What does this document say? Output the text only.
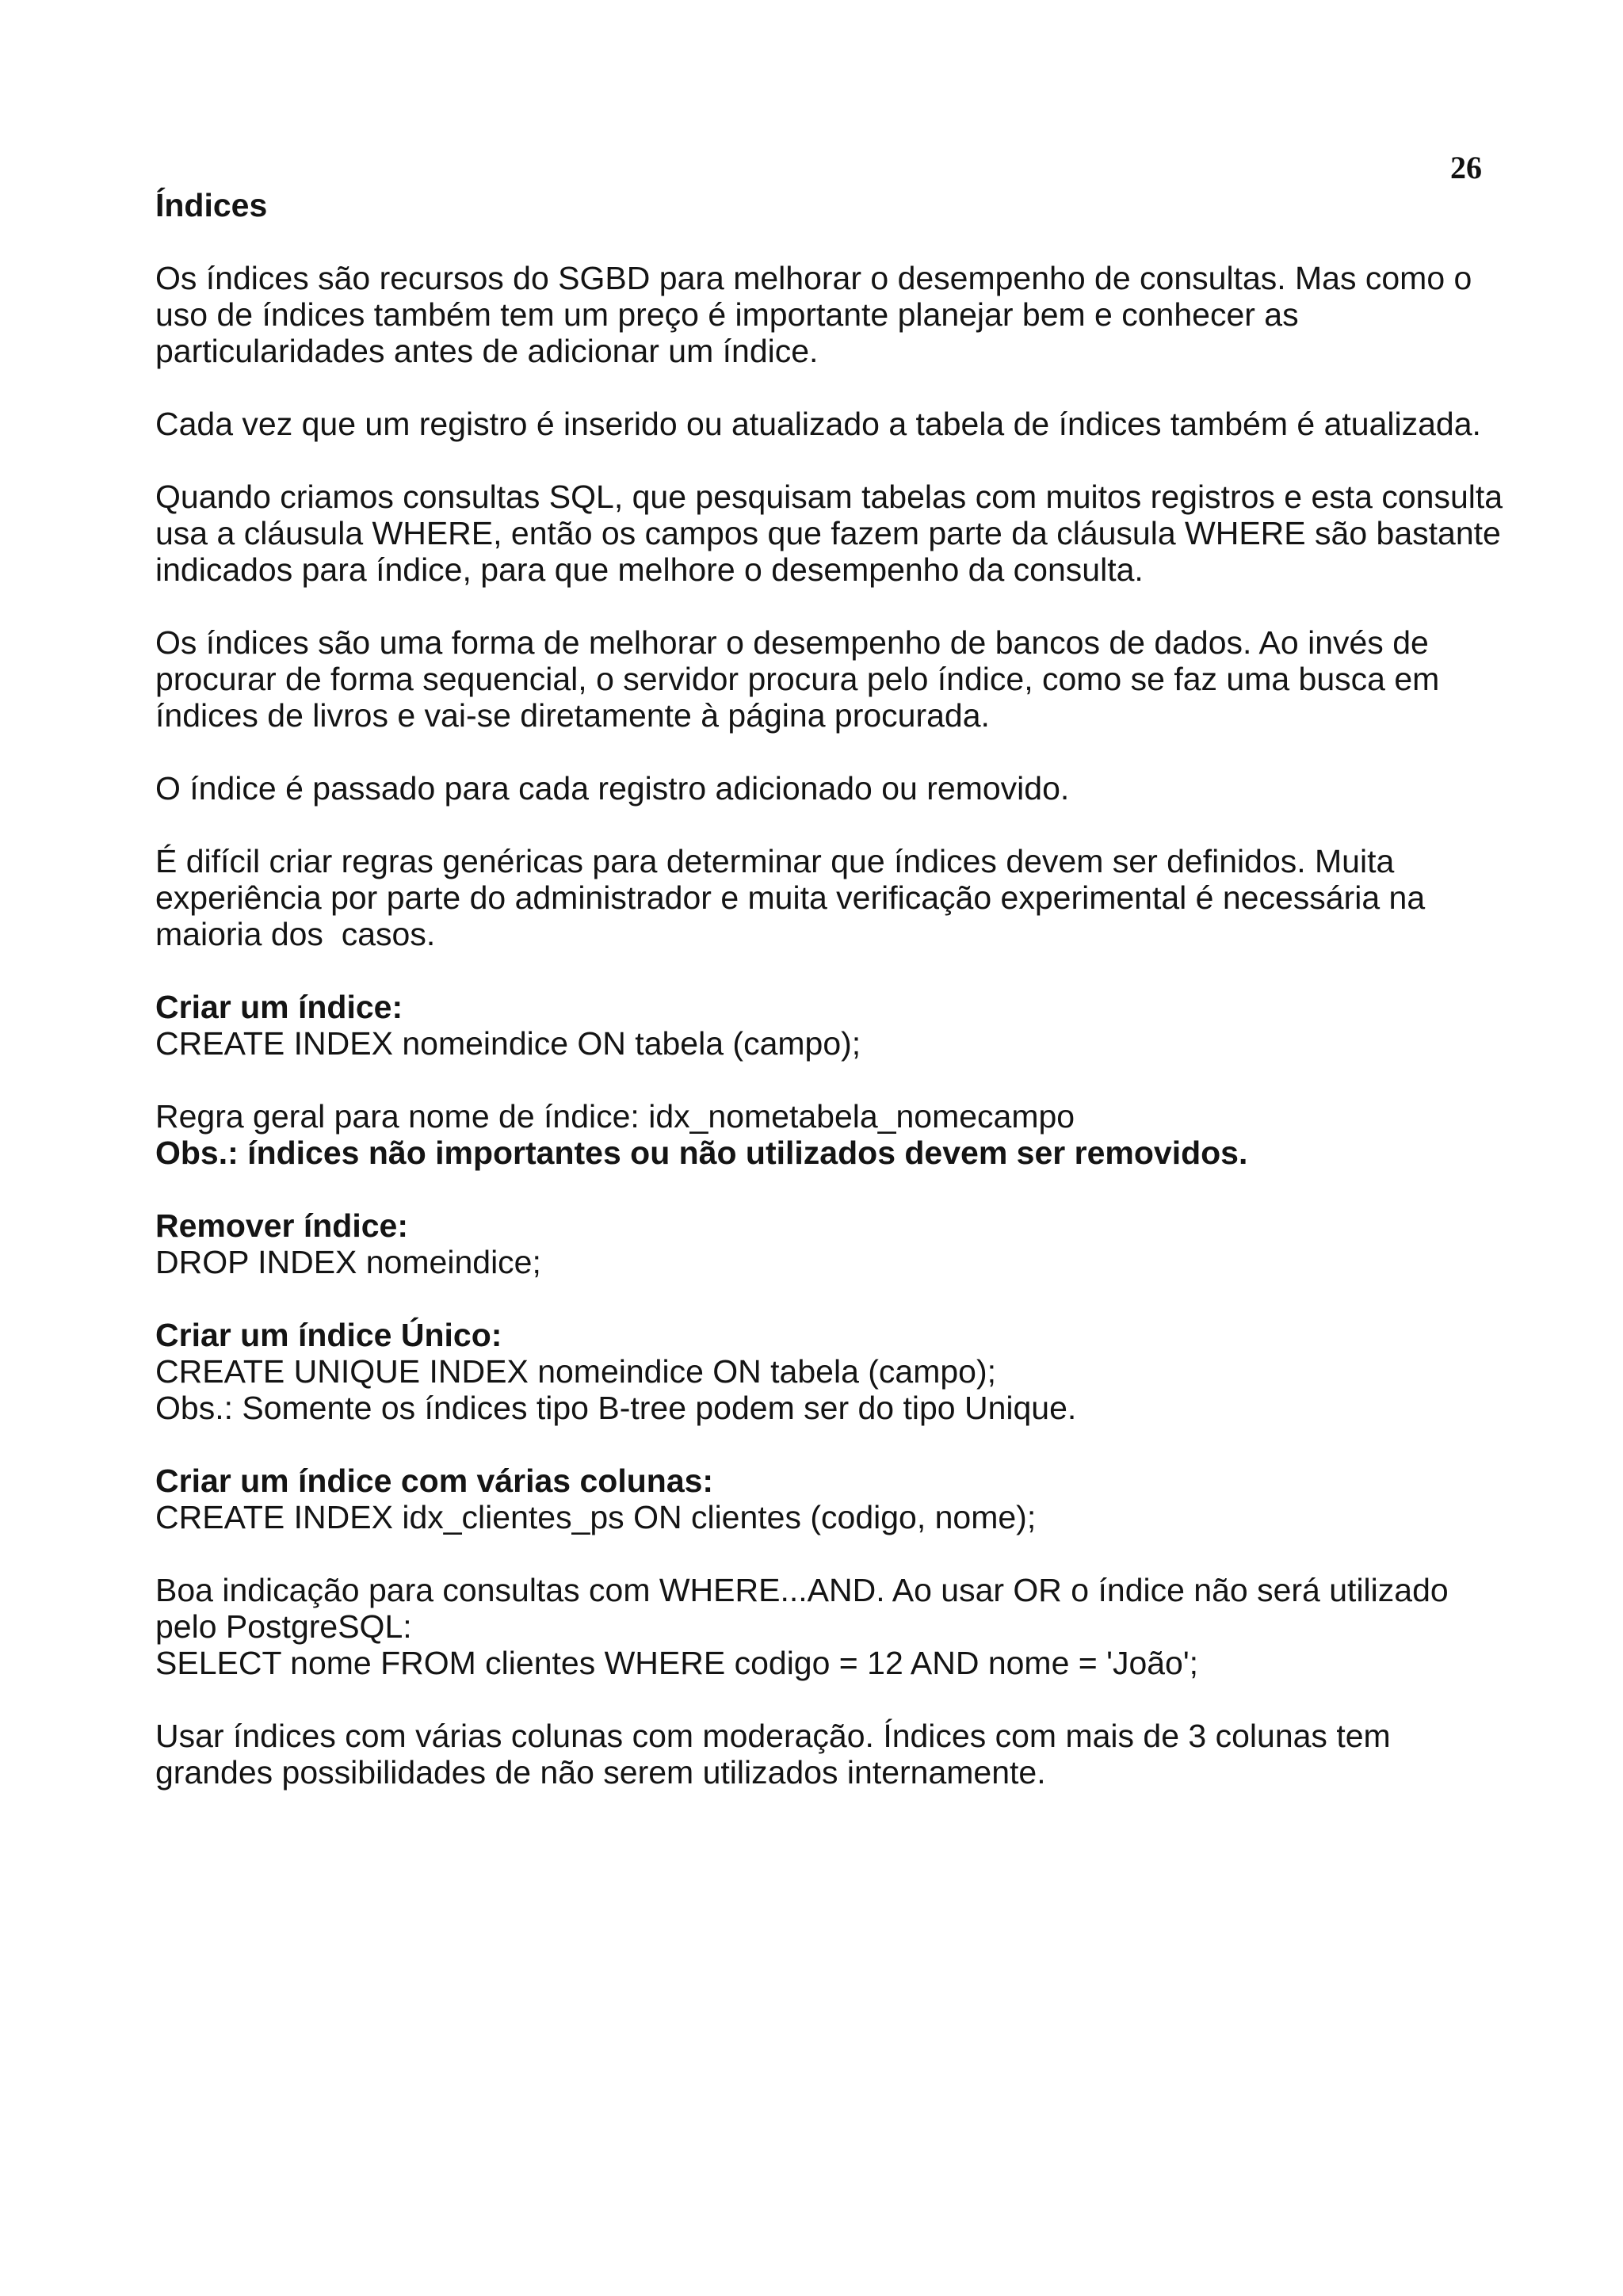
26
Índices

Os índices são recursos do SGBD para melhorar o desempenho de consultas. Mas como o
uso de índices também tem um preço é importante planejar bem e conhecer as
particularidades antes de adicionar um índice.

Cada vez que um registro é inserido ou atualizado a tabela de índices também é atualizada.

Quando criamos consultas SQL, que pesquisam tabelas com muitos registros e esta consulta
usa a cláusula WHERE, então os campos que fazem parte da cláusula WHERE são bastante
indicados para índice, para que melhore o desempenho da consulta.

Os índices são uma forma de melhorar o desempenho de bancos de dados. Ao invés de
procurar de forma sequencial, o servidor procura pelo índice, como se faz uma busca em
índices de livros e vai-se diretamente à página procurada.

O índice é passado para cada registro adicionado ou removido.

É difícil criar regras genéricas para determinar que índices devem ser definidos. Muita
experiência por parte do administrador e muita verificação experimental é necessária na
maioria dos  casos.

Criar um índice:
CREATE INDEX nomeindice ON tabela (campo);

Regra geral para nome de índice: idx_nometabela_nomecampo
Obs.: índices não importantes ou não utilizados devem ser removidos.

Remover índice:
DROP INDEX nomeindice;

Criar um índice Único:
CREATE UNIQUE INDEX nomeindice ON tabela (campo);
Obs.: Somente os índices tipo B-tree podem ser do tipo Unique.

Criar um índice com várias colunas:
CREATE INDEX idx_clientes_ps ON clientes (codigo, nome);

Boa indicação para consultas com WHERE...AND. Ao usar OR o índice não será utilizado
pelo PostgreSQL:
SELECT nome FROM clientes WHERE codigo = 12 AND nome = 'João';

Usar índices com várias colunas com moderação. Índices com mais de 3 colunas tem
grandes possibilidades de não serem utilizados internamente.
